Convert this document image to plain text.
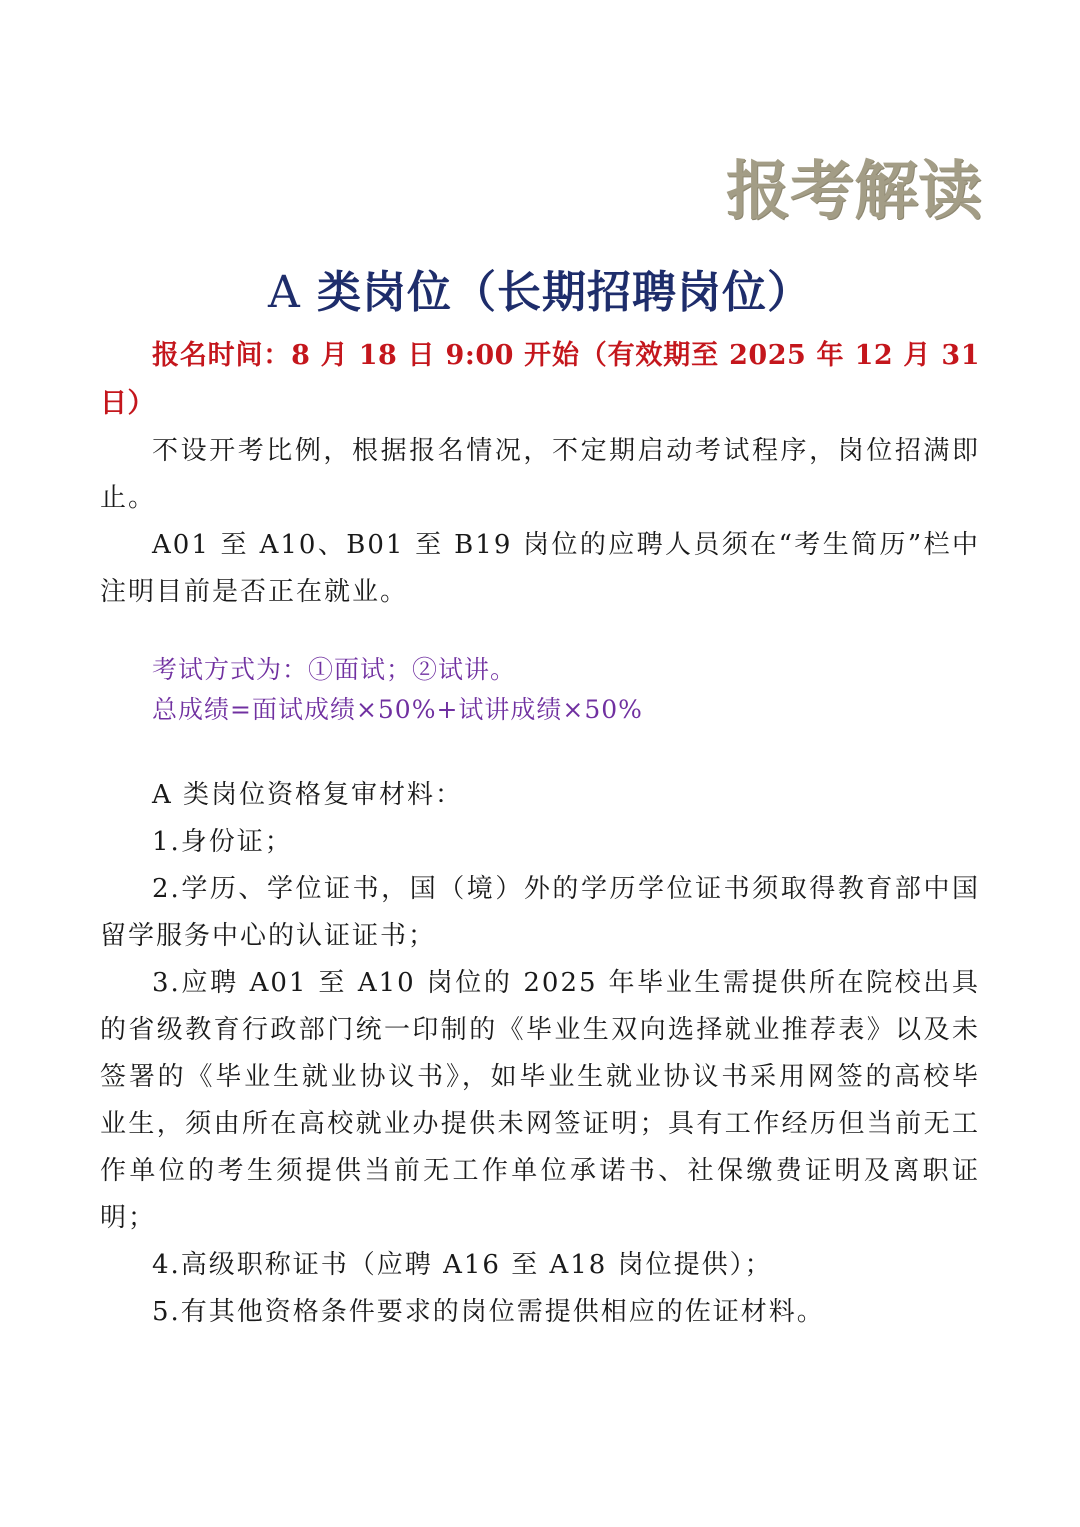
报考解读
A 类岗位（长期招聘岗位）

报名时间：8 月 18 日 9:00 开始（有效期至 2025 年 12 月 31 日）

不设开考比例，根据报名情况，不定期启动考试程序，岗位招满即止。

A01 至 A10、B01 至 B19 岗位的应聘人员须在“考生简历”栏中注明目前是否正在就业。

考试方式为：①面试；②试讲。

总成绩=面试成绩×50%+试讲成绩×50%

A 类岗位资格复审材料：

1.身份证；

2.学历、学位证书，国（境）外的学历学位证书须取得教育部中国留学服务中心的认证证书；

3.应聘 A01 至 A10 岗位的 2025 年毕业生需提供所在院校出具的省级教育行政部门统一印制的《毕业生双向选择就业推荐表》以及未签署的《毕业生就业协议书》，如毕业生就业协议书采用网签的高校毕业生，须由所在高校就业办提供未网签证明；具有工作经历但当前无工作单位的考生须提供当前无工作单位承诺书、社保缴费证明及离职证明；

4.高级职称证书（应聘 A16 至 A18 岗位提供）；

5.有其他资格条件要求的岗位需提供相应的佐证材料。
